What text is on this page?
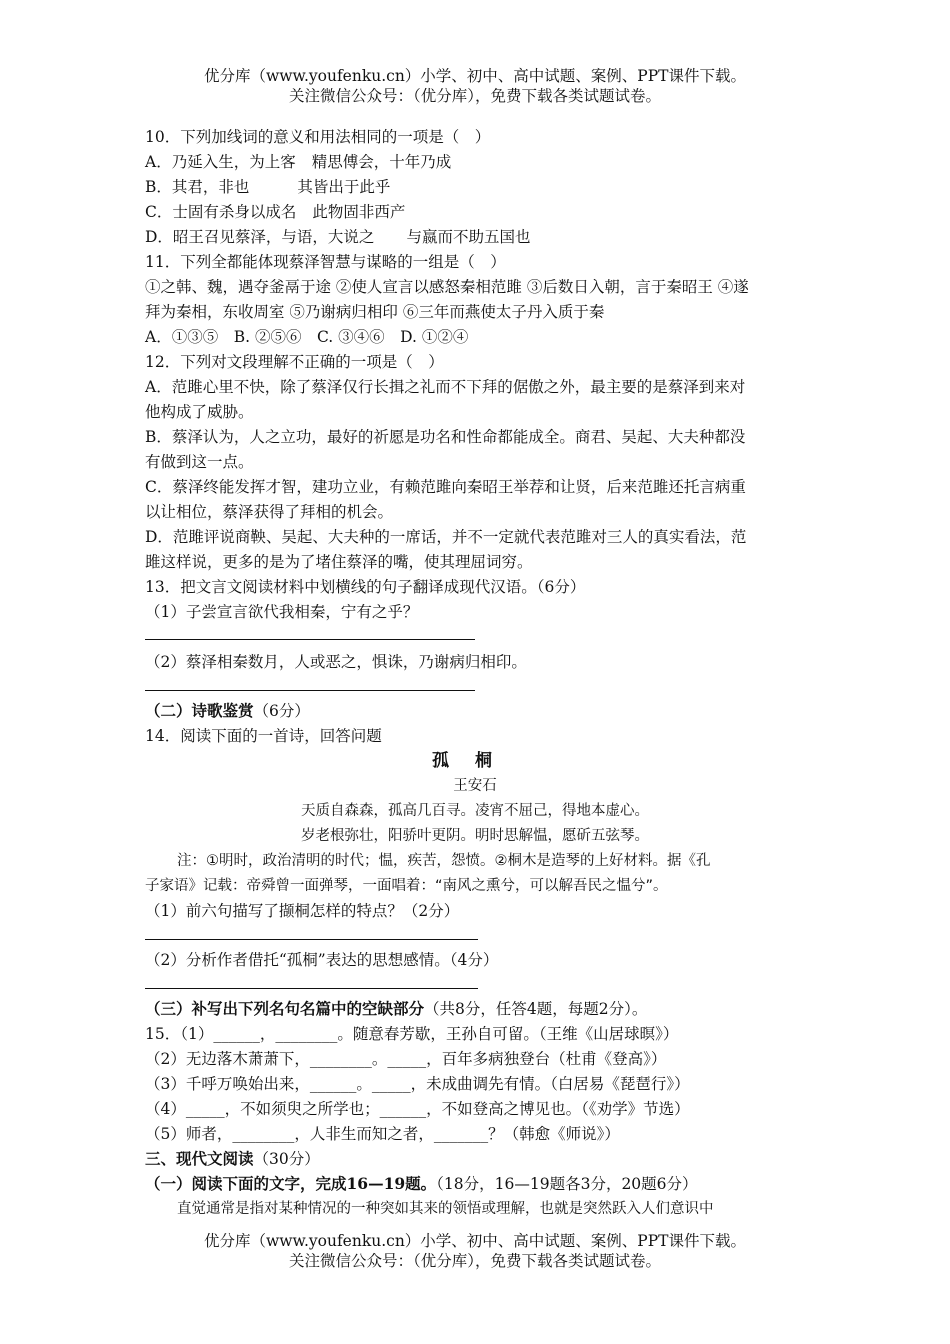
优分库（www.youfenku.cn）小学、初中、高中试题、案例、PPT课件下载。
关注微信公众号：（优分库），免费下载各类试题试卷。
10．下列加线词的意义和用法相同的一项是（　）
A．乃延入生，为上客 精思傅会，十年乃成
B．其君，非也	其皆出于此乎
C．士固有杀身以成名 此物固非西产
D．昭王召见蔡泽，与语，大说之 与嬴而不助五国也
11．下列全都能体现蔡泽智慧与谋略的一组是（　）
①之韩、魏，遇夺釜鬲于途 ②使人宣言以感怒秦相范雎 ③后数日入朝，言于秦昭王 ④遂
拜为秦相，东收周室 ⑤乃谢病归相印 ⑥三年而燕使太子丹入质于秦
A．①③⑤　B. ②⑤⑥　C. ③④⑥　D. ①②④
12．下列对文段理解不正确的一项是（　）
A．范雎心里不快，除了蔡泽仅行长揖之礼而不下拜的倨傲之外，最主要的是蔡泽到来对
他构成了威胁。
B．蔡泽认为，人之立功，最好的祈愿是功名和性命都能成全。商君、吴起、大夫种都没
有做到这一点。
C．蔡泽终能发挥才智，建功立业，有赖范雎向秦昭王举荐和让贤，后来范雎还托言病重
以让相位，蔡泽获得了拜相的机会。
D．范雎评说商鞅、吴起、大夫种的一席话，并不一定就代表范雎对三人的真实看法，范
雎这样说，更多的是为了堵住蔡泽的嘴，使其理屈词穷。
13．把文言文阅读材料中划横线的句子翻译成现代汉语。（6分）
（1）子尝宣言欲代我相秦，宁有之乎？
（2）蔡泽相秦数月，人或恶之，惧诛，乃谢病归相印。
（二）诗歌鉴赏（6分）
14．阅读下面的一首诗，回答问题
孤桐
王安石
天质自森森，孤高几百寻。凌宵不屈己，得地本虚心。
岁老根弥壮，阳骄叶更阴。明时思解愠，愿斫五弦琴。
注：①明时，政治清明的时代；愠，疾苦，怨愤。②桐木是造琴的上好材料。据《孔
子家语》记载：帝舜曾一面弹琴，一面唱着：“南风之熏兮，可以解吾民之愠兮”。
（1）前六句描写了撷桐怎样的特点？（2分）
（2）分析作者借托“孤桐”表达的思想感情。（4分）
（三）补写出下列名句名篇中的空缺部分（共8分，任答4题，每题2分）。
15．（1）______，________。随意春芳歇，王孙自可留。（王维《山居球暝》）
（2）无边落木萧萧下，________。_____，百年多病独登台（杜甫《登高》）
（3）千呼万唤始出来，______。_____，未成曲调先有情。（白居易《琵琶行》）
（4）_____，不如须臾之所学也；______，不如登高之博见也。（《劝学》节选）
（5）师者，________，人非生而知之者，_______？（韩愈《师说》）
三、现代文阅读（30分）
（一）阅读下面的文字，完成16—19题。（18分，16—19题各3分，20题6分）
直觉通常是指对某种情况的一种突如其来的领悟或理解，也就是突然跃入人们意识中
优分库（www.youfenku.cn）小学、初中、高中试题、案例、PPT课件下载。
关注微信公众号：（优分库），免费下载各类试题试卷。
